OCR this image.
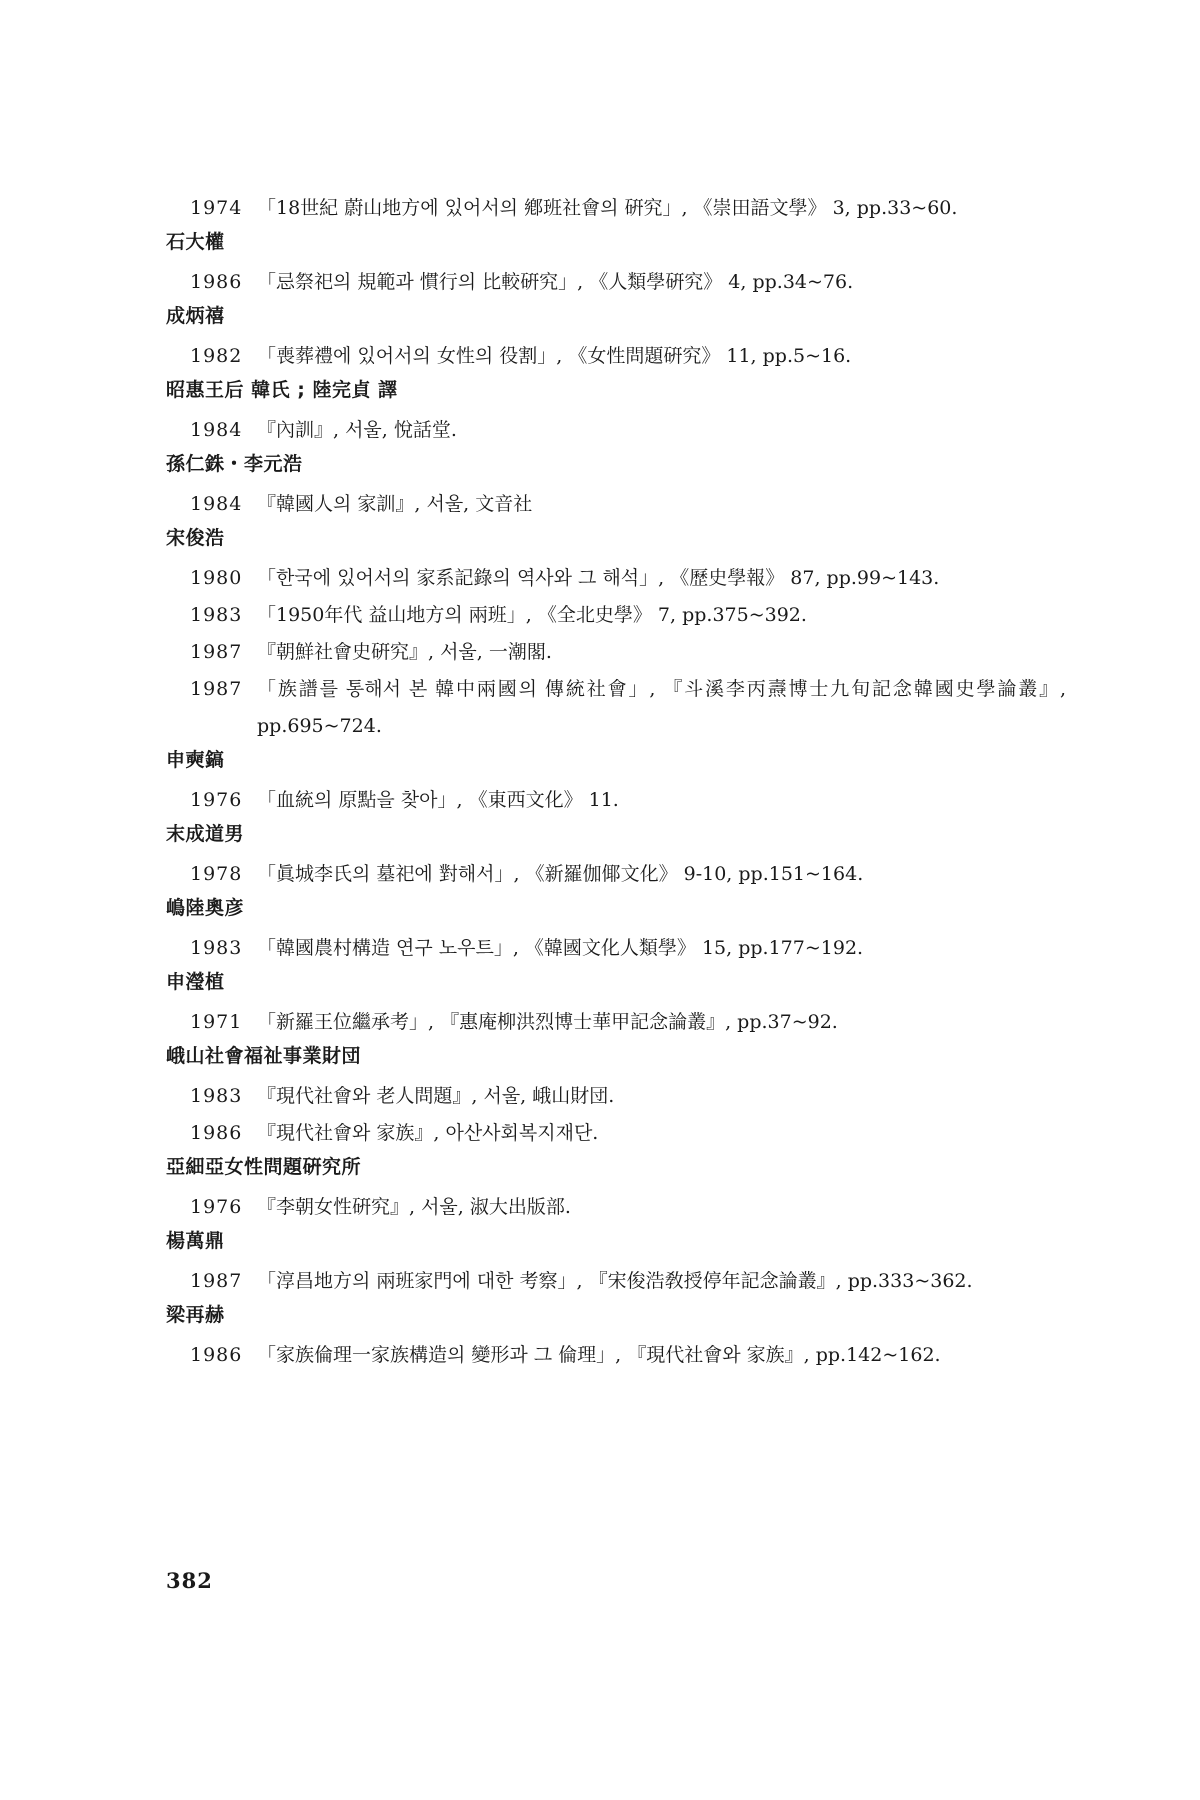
1974 「18世紀 蔚山地方에 있어서의 鄕班社會의 硏究」, 《崇田語文學》 3, pp.33~60.
石大權
1986 「忌祭祀의 規範과 慣行의 比較硏究」, 《人類學硏究》 4, pp.34~76.
成炳禧
1982 「喪葬禮에 있어서의 女性의 役割」, 《女性問題硏究》 11, pp.5~16.
昭惠王后 韓氏 ; 陸完貞 譯
1984 『內訓』, 서울, 悅話堂.
孫仁銖・李元浩
1984 『韓國人의 家訓』, 서울, 文音社
宋俊浩
1980 「한국에 있어서의 家系記錄의 역사와 그 해석」, 《歷史學報》 87, pp.99~143.
1983 「1950年代 益山地方의 兩班」, 《全北史學》 7, pp.375~392.
1987 『朝鮮社會史硏究』, 서울, 一潮閣.
1987 「族譜를 통해서 본 韓中兩國의 傳統社會」, 『斗溪李丙燾博士九旬記念韓國史學論叢』, pp.695~724.
申奭鎬
1976 「血統의 原點을 찾아」, 《東西文化》 11.
末成道男
1978 「眞城李氏의 墓祀에 對해서」, 《新羅伽倻文化》 9-10, pp.151~164.
嶋陸奧彦
1983 「韓國農村構造 연구 노우트」, 《韓國文化人類學》 15, pp.177~192.
申瀅植
1971 「新羅王位繼承考」, 『惠庵柳洪烈博士華甲記念論叢』, pp.37~92.
峨山社會福祉事業財団
1983 『現代社會와 老人問題』, 서울, 峨山財団.
1986 『現代社會와 家族』, 아산사회복지재단.
亞細亞女性問題硏究所
1976 『李朝女性硏究』, 서울, 淑大出版部.
楊萬鼎
1987 「淳昌地方의 兩班家門에 대한 考察」, 『宋俊浩敎授停年記念論叢』, pp.333~362.
梁再赫
1986 「家族倫理一家族構造의 變形과 그 倫理」, 『現代社會와 家族』, pp.142~162.
382
